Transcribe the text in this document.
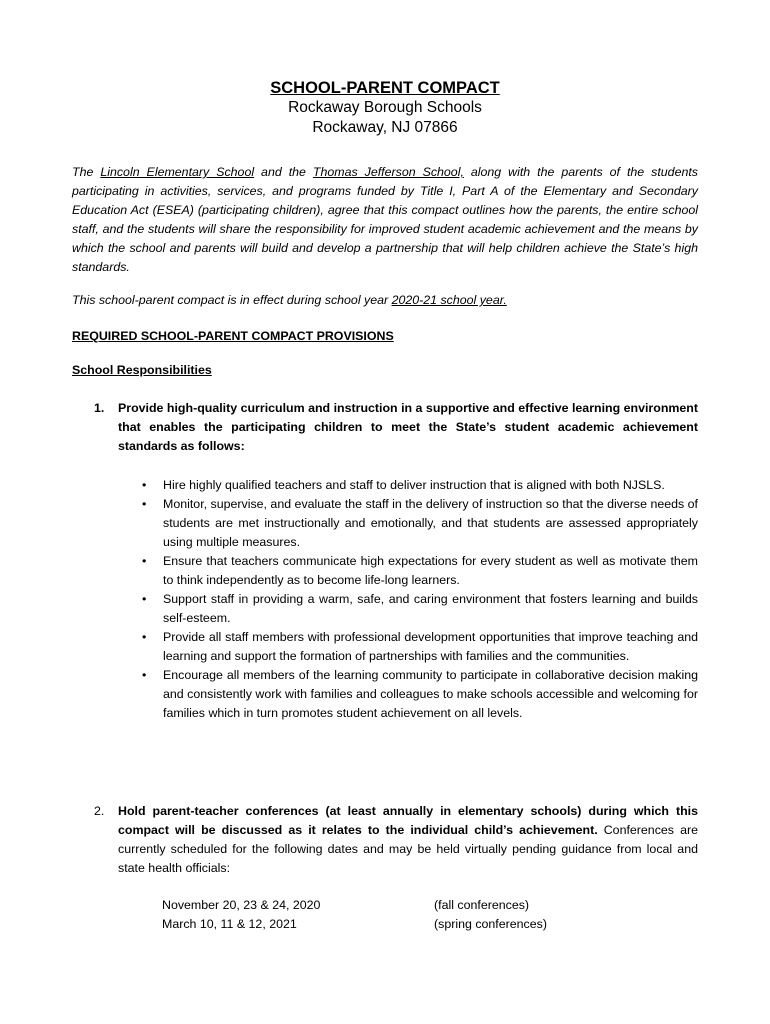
SCHOOL-PARENT COMPACT
Rockaway Borough Schools
Rockaway, NJ 07866

The Lincoln Elementary School and the Thomas Jefferson School, along with the parents of the students participating in activities, services, and programs funded by Title I, Part A of the Elementary and Secondary Education Act (ESEA) (participating children), agree that this compact outlines how the parents, the entire school staff, and the students will share the responsibility for improved student academic achievement and the means by which the school and parents will build and develop a partnership that will help children achieve the State’s high standards.

This school-parent compact is in effect during school year 2020-21 school year.

REQUIRED SCHOOL-PARENT COMPACT PROVISIONS
School Responsibilities
1.	Provide high-quality curriculum and instruction in a supportive and effective learning environment that enables the participating children to meet the State’s student academic achievement standards as follows:
• Hire highly qualified teachers and staff to deliver instruction that is aligned with both NJSLS.
• Monitor, supervise, and evaluate the staff in the delivery of instruction so that the diverse needs of students are met instructionally and emotionally, and that students are assessed appropriately using multiple measures.
• Ensure that teachers communicate high expectations for every student as well as motivate them to think independently as to become life-long learners.
• Support staff in providing a warm, safe, and caring environment that fosters learning and builds self-esteem.
• Provide all staff members with professional development opportunities that improve teaching and learning and support the formation of partnerships with families and the communities.
• Encourage all members of the learning community to participate in collaborative decision making and consistently work with families and colleagues to make schools accessible and welcoming for families which in turn promotes student achievement on all levels.
2.	Hold parent-teacher conferences (at least annually in elementary schools) during which this compact will be discussed as it relates to the individual child’s achievement. Conferences are currently scheduled for the following dates and may be held virtually pending guidance from local and state health officials:
November 20, 23 & 24, 2020	(fall conferences)
March 10, 11 & 12, 2021	(spring conferences)
